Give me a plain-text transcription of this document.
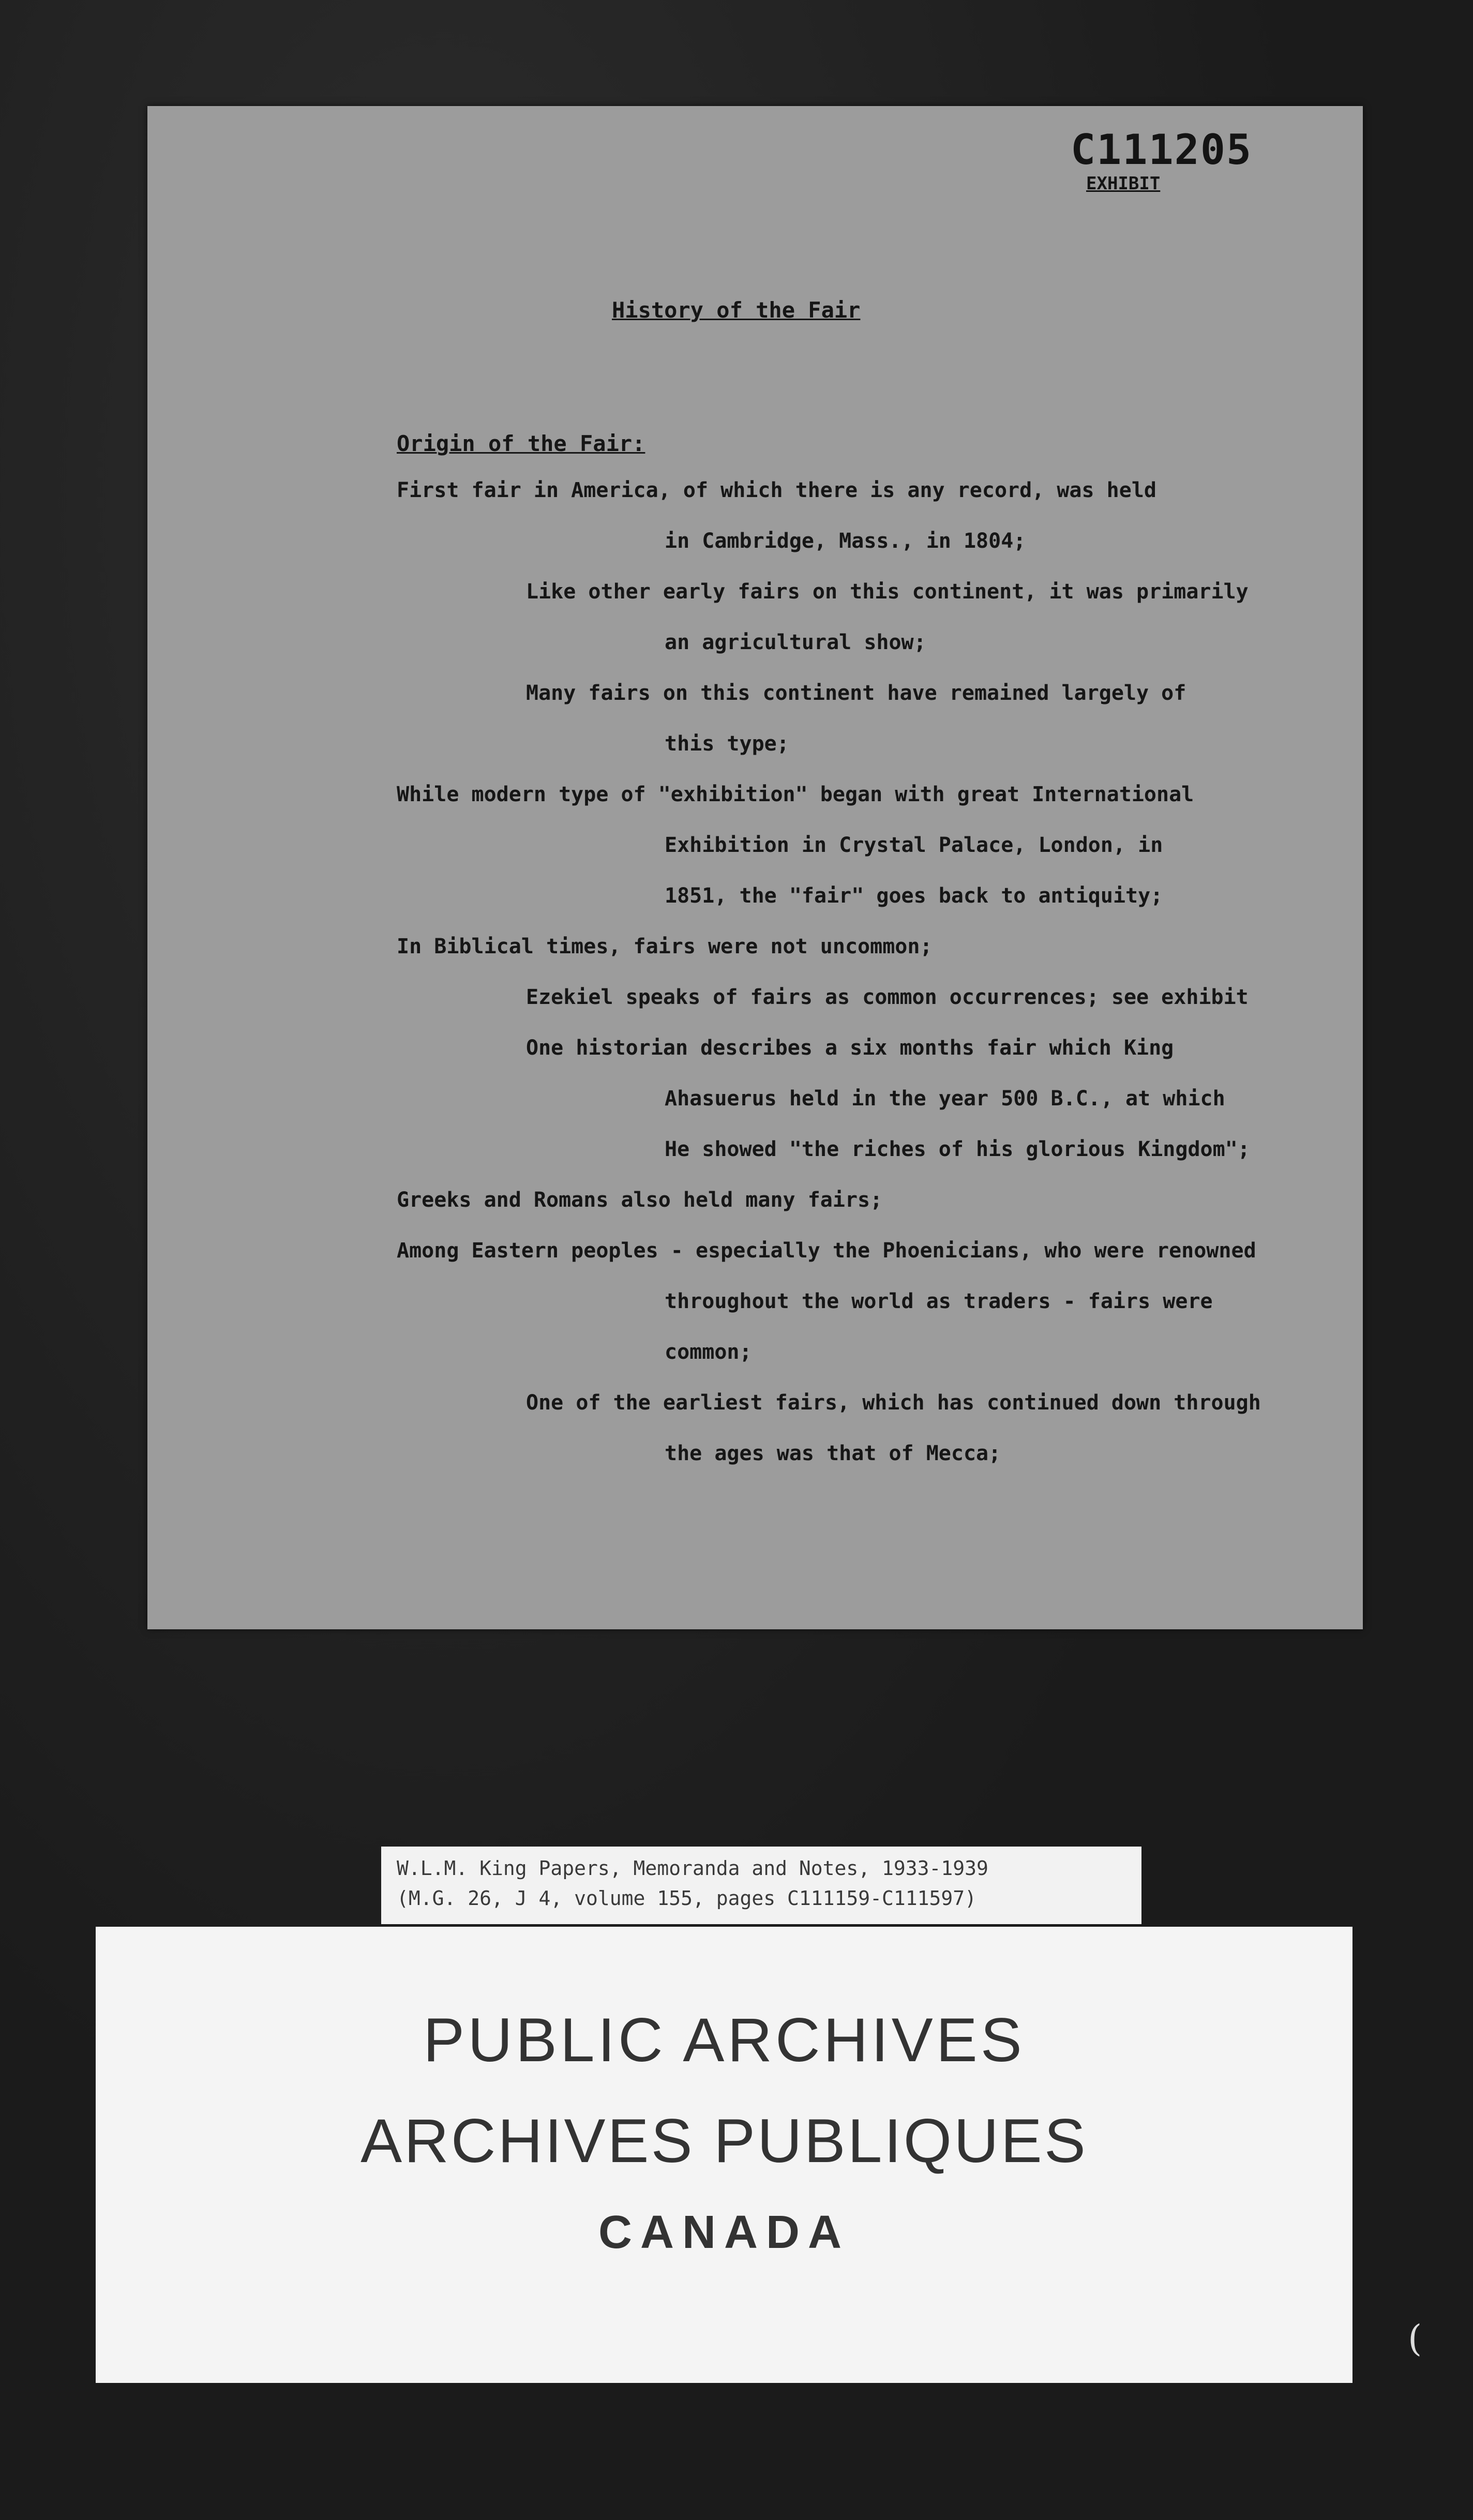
C111205
EXHIBIT
History of the Fair
Origin of the Fair:
First fair in America, of which there is any record, was held
in Cambridge, Mass., in 1804;
Like other early fairs on this continent, it was primarily
an agricultural show;
Many fairs on this continent have remained largely of
this type;
While modern type of "exhibition" began with great International
Exhibition in Crystal Palace, London, in
1851, the "fair" goes back to antiquity;
In Biblical times, fairs were not uncommon;
Ezekiel speaks of fairs as common occurrences; see exhibit
One historian describes a six months fair which King
Ahasuerus held in the year 500 B.C., at which
He showed "the riches of his glorious Kingdom";
Greeks and Romans also held many fairs;
Among Eastern peoples - especially the Phoenicians, who were renowned
throughout the world as traders - fairs were
common;
One of the earliest fairs, which has continued down through
the ages was that of Mecca;
W.L.M. King Papers, Memoranda and Notes, 1933-1939
(M.G. 26, J 4, volume 155, pages C111159-C111597)
PUBLIC ARCHIVES
ARCHIVES PUBLIQUES
CANADA
(
